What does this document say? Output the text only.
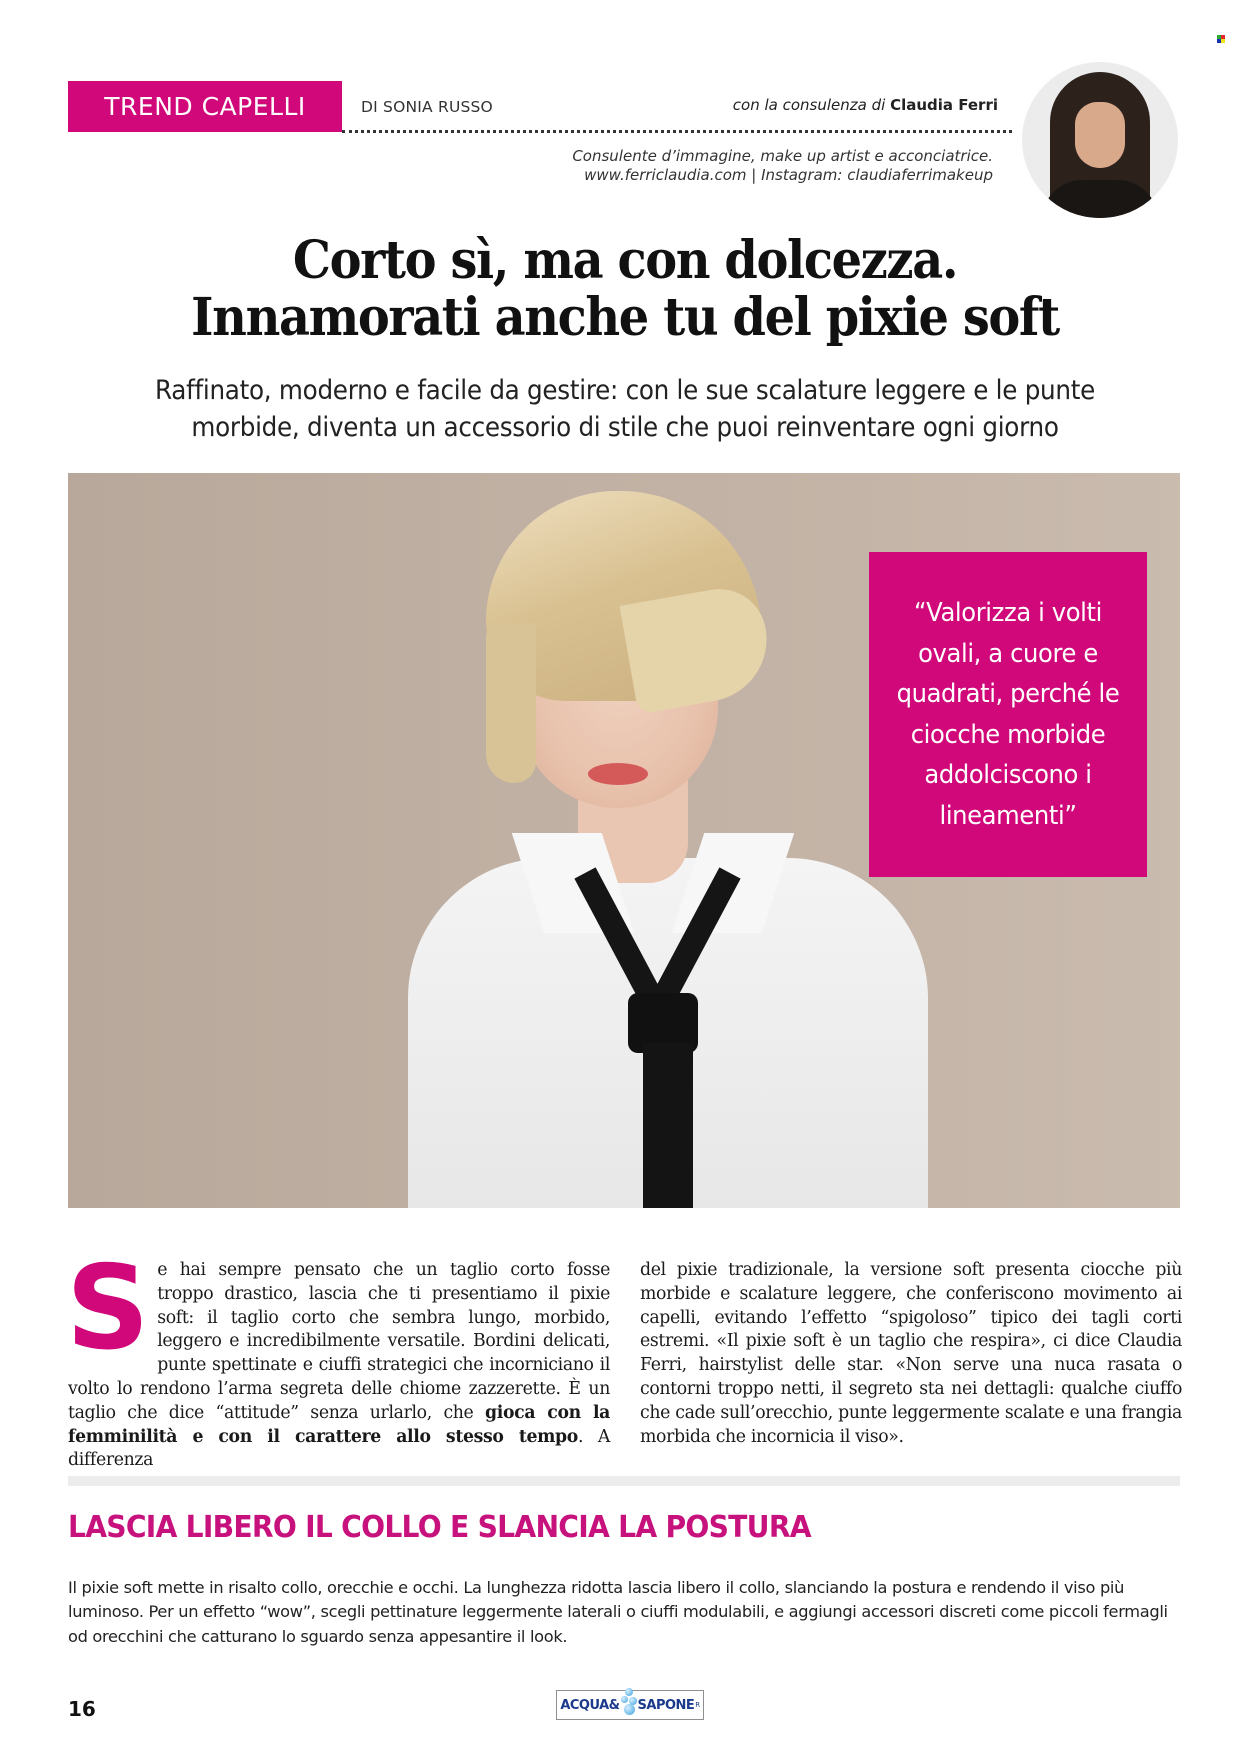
TREND CAPELLI	DI SONIA RUSSO	con la consulenza di Claudia Ferri
Consulente d’immagine, make up artist e acconciatrice.
www.ferriclaudia.com | Instagram: claudiaferrimakeup
Corto sì, ma con dolcezza.
Innamorati anche tu del pixie soft
Raffinato, moderno e facile da gestire: con le sue scalature leggere e le punte
morbide, diventa un accessorio di stile che puoi reinventare ogni giorno

“Valorizza i volti ovali, a cuore e quadrati, perché le ciocche morbide addolciscono i lineamenti”

Se hai sempre pensato che un taglio corto fosse troppo drastico, lascia che ti presentiamo il pixie soft: il taglio corto che sembra lungo, morbido, leggero e incredibilmente versatile. Bordini delicati, punte spettinate e ciuffi strategici che incorniciano il volto lo rendono l’arma segreta delle chiome zazzerette. È un taglio che dice “attitude” senza urlarlo, che gioca con la femminilità e con il carattere allo stesso tempo. A differenza
del pixie tradizionale, la versione soft presenta ciocche più morbide e scalature leggere, che conferiscono movimento ai capelli, evitando l’effetto “spigoloso” tipico dei tagli corti estremi. «Il pixie soft è un taglio che respira», ci dice Claudia Ferri, hairstylist delle star. «Non serve una nuca rasata o contorni troppo netti, il segreto sta nei dettagli: qualche ciuffo che cade sull’orecchio, punte leggermente scalate e una frangia morbida che incornicia il viso».
LASCIA LIBERO IL COLLO E SLANCIA LA POSTURA

Il pixie soft mette in risalto collo, orecchie e occhi. La lunghezza ridotta lascia libero il collo, slanciando la postura e rendendo il viso più luminoso. Per un effetto “wow”, scegli pettinature leggermente laterali o ciuffi modulabili, e aggiungi accessori discreti come piccoli fermagli od orecchini che catturano lo sguardo senza appesantire il look.

16	ACQUA& SAPONE R
